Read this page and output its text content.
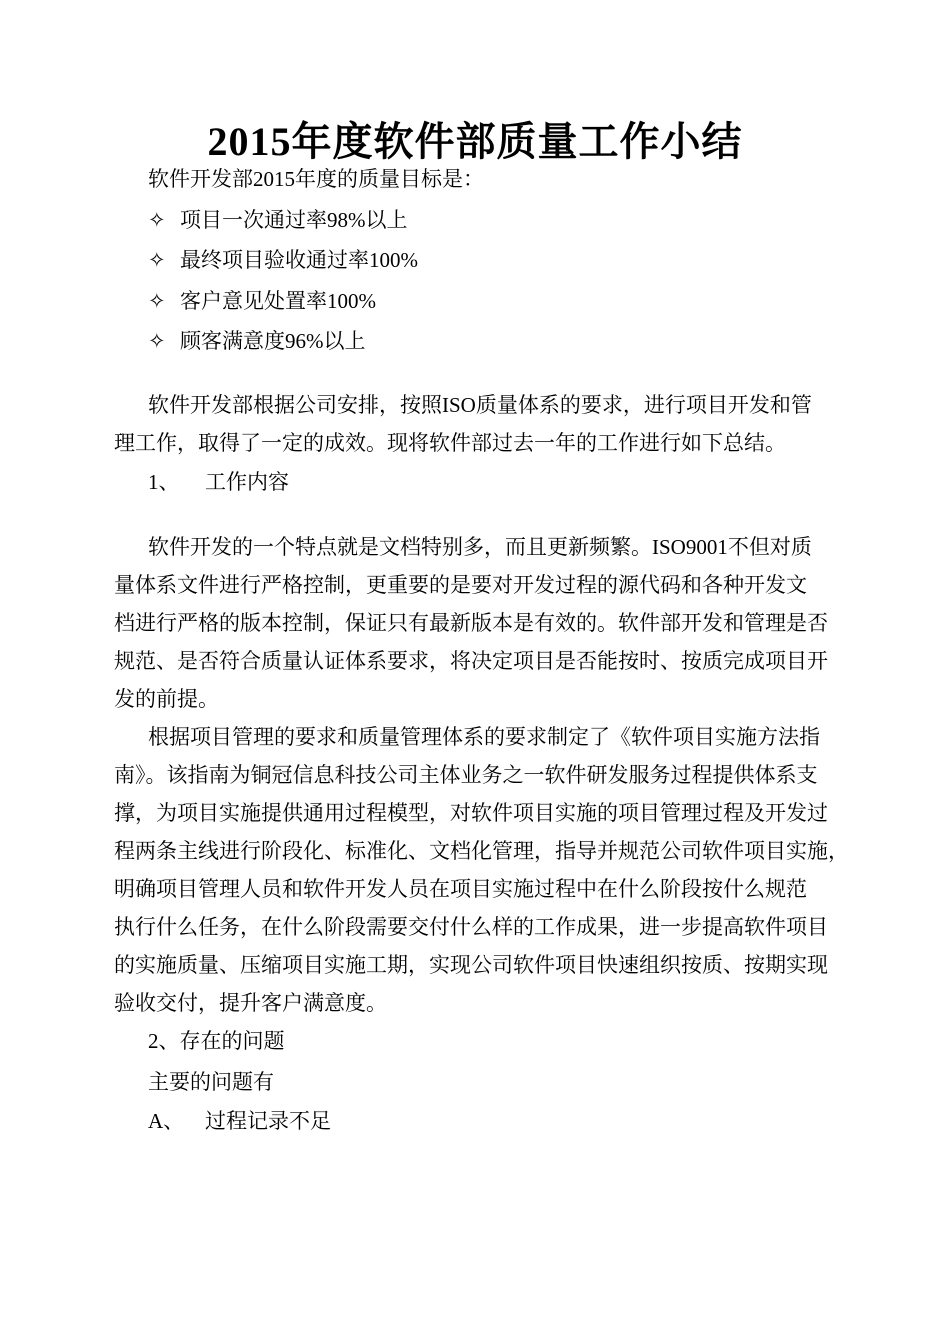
2015年度软件部质量工作小结
软件开发部2015年度的质量目标是：
✧ 项目一次通过率98%以上
✧ 最终项目验收通过率100%
✧ 客户意见处置率100%
✧ 顾客满意度96%以上
软件开发部根据公司安排，按照ISO质量体系的要求，进行项目开发和管
理工作，取得了一定的成效。现将软件部过去一年的工作进行如下总结。
1、 工作内容
软件开发的一个特点就是文档特别多，而且更新频繁。ISO9001不但对质
量体系文件进行严格控制，更重要的是要对开发过程的源代码和各种开发文
档进行严格的版本控制，保证只有最新版本是有效的。软件部开发和管理是否
规范、是否符合质量认证体系要求，将决定项目是否能按时、按质完成项目开
发的前提。
根据项目管理的要求和质量管理体系的要求制定了《软件项目实施方法指
南》。该指南为铜冠信息科技公司主体业务之一软件研发服务过程提供体系支
撑，为项目实施提供通用过程模型，对软件项目实施的项目管理过程及开发过
程两条主线进行阶段化、标准化、文档化管理，指导并规范公司软件项目实施，
明确项目管理人员和软件开发人员在项目实施过程中在什么阶段按什么规范
执行什么任务，在什么阶段需要交付什么样的工作成果，进一步提高软件项目
的实施质量、压缩项目实施工期，实现公司软件项目快速组织按质、按期实现
验收交付，提升客户满意度。
2、存在的问题
主要的问题有
A、 过程记录不足
